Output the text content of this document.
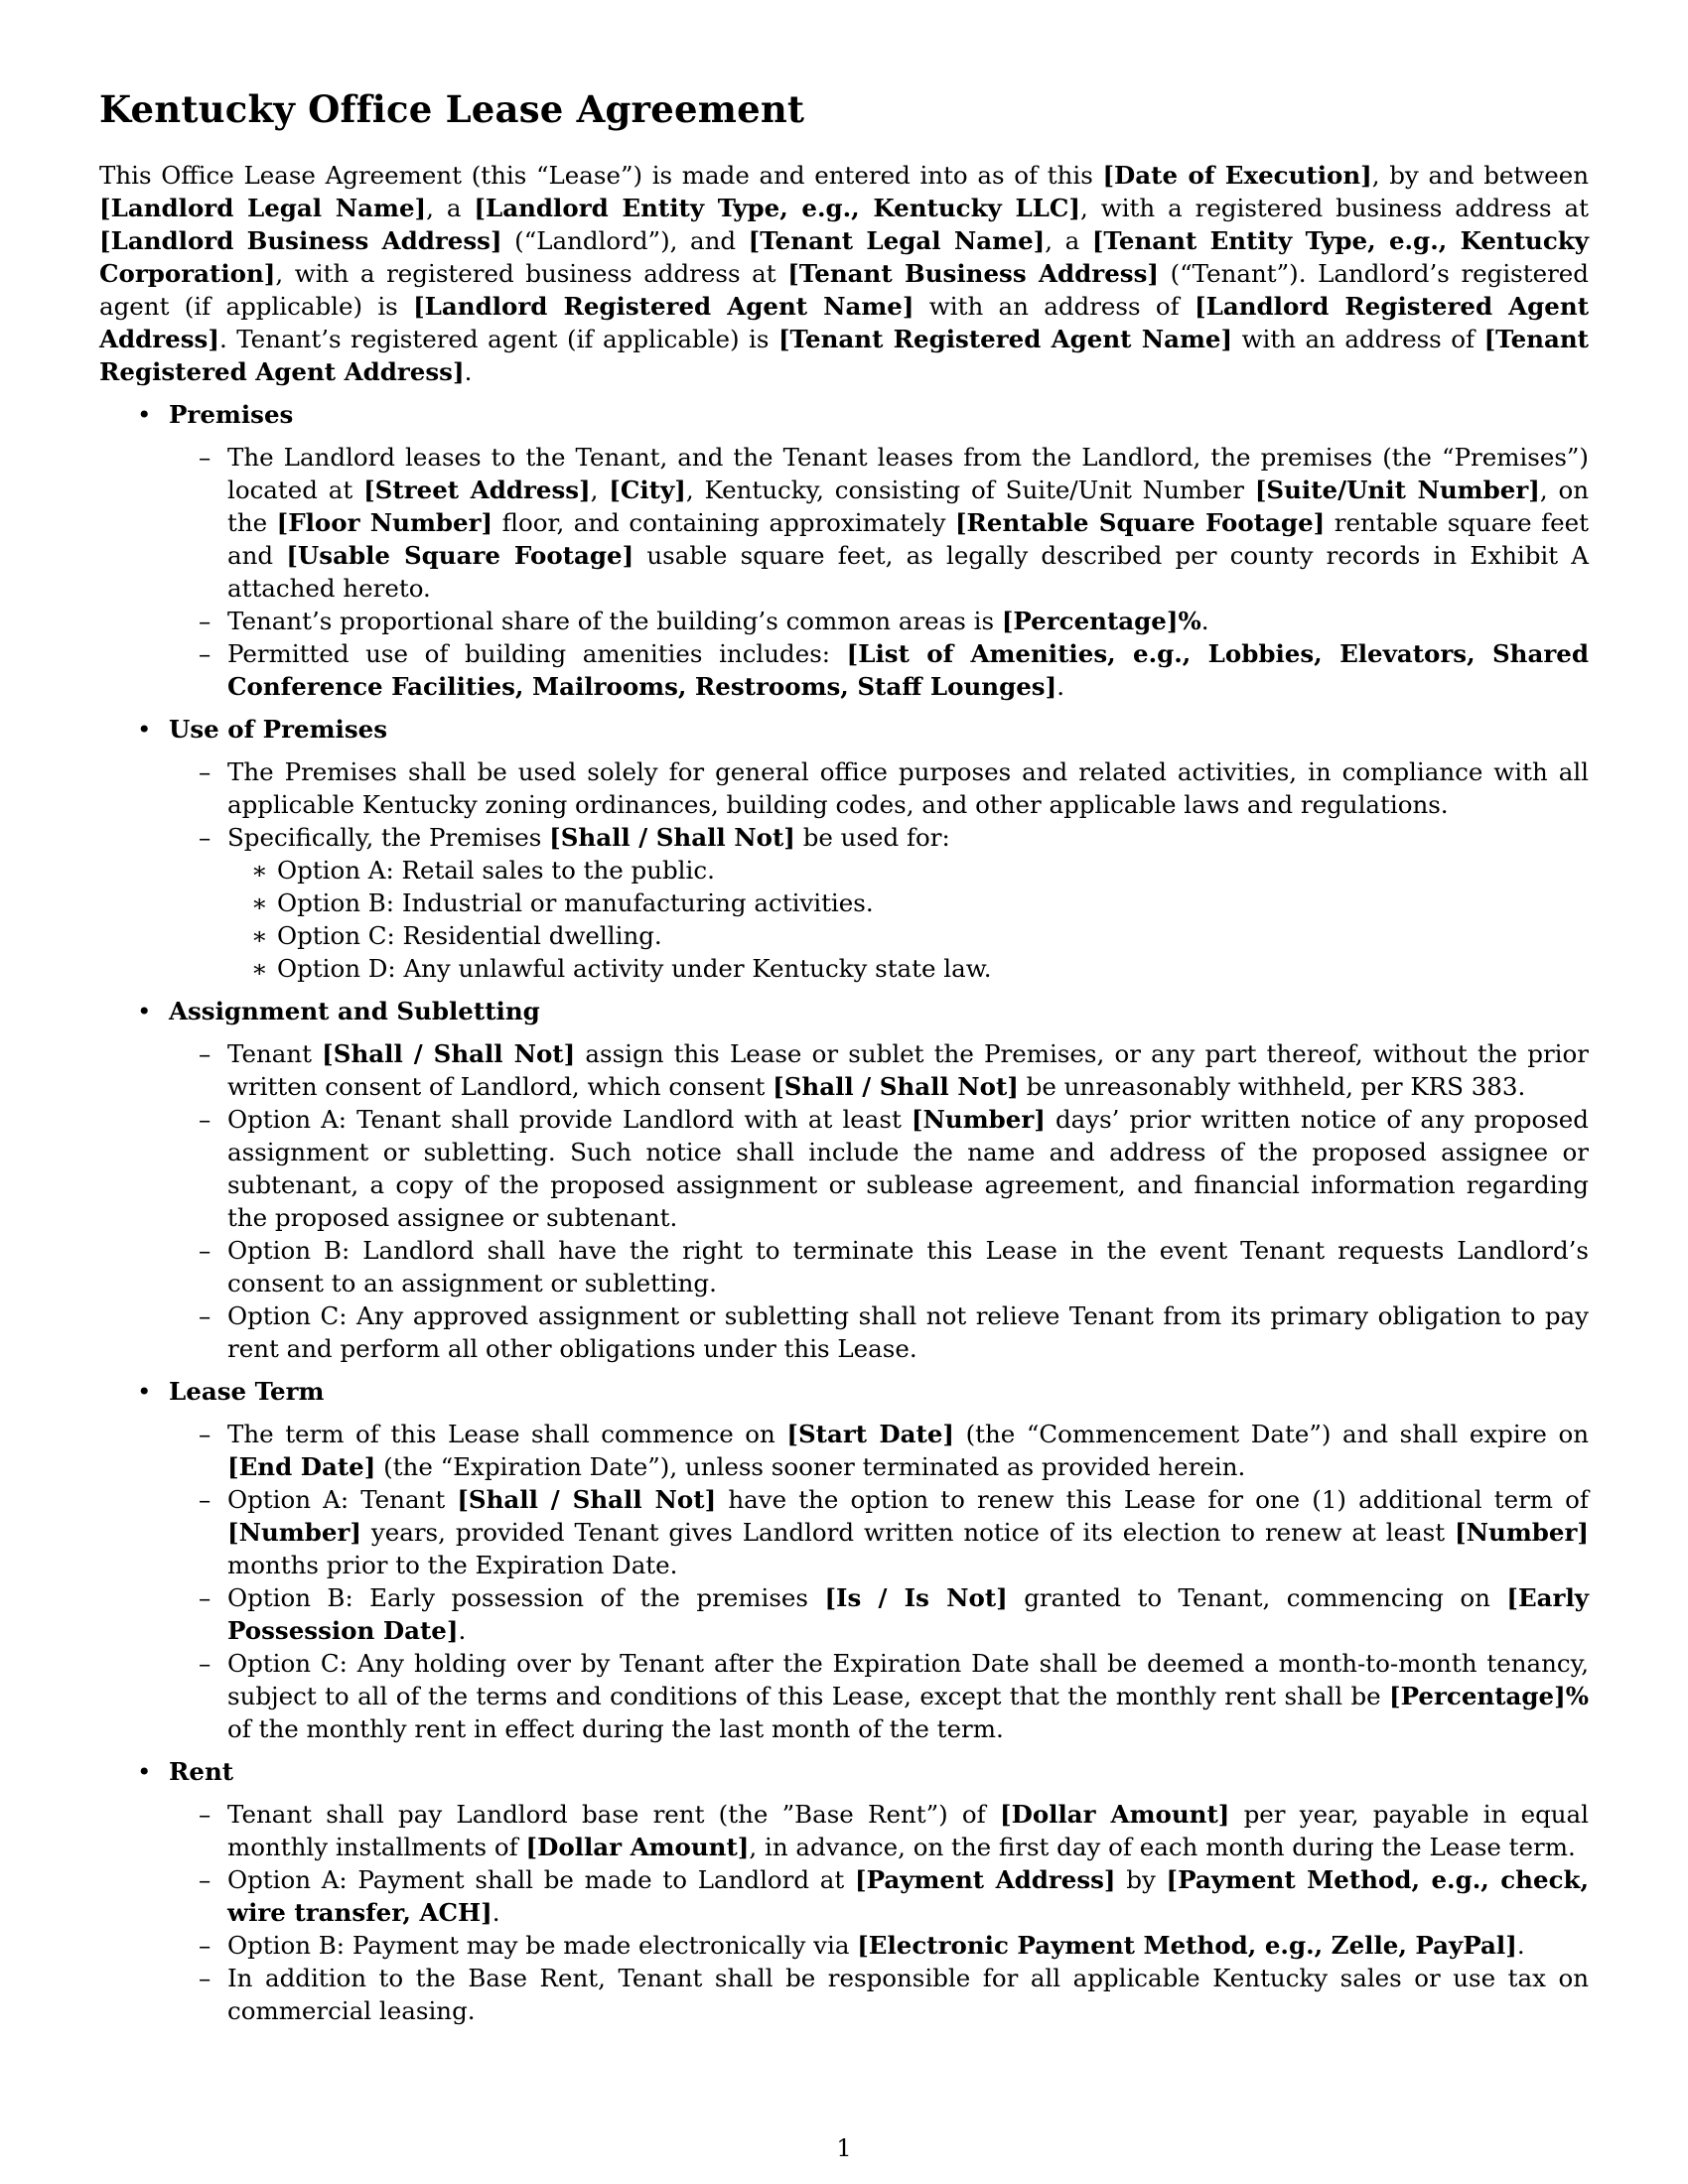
Kentucky Office Lease Agreement

This Office Lease Agreement (this “Lease”) is made and entered into as of this [Date of Execution], by and between [Landlord Legal Name], a [Landlord Entity Type, e.g., Kentucky LLC], with a registered business address at [Landlord Business Address] (“Landlord”), and [Tenant Legal Name], a [Tenant Entity Type, e.g., Kentucky Corporation], with a registered business address at [Tenant Business Address] (“Tenant”). Landlord’s registered agent (if applicable) is [Landlord Registered Agent Name] with an address of [Landlord Registered Agent Address]. Tenant’s registered agent (if applicable) is [Tenant Registered Agent Name] with an address of [Tenant Registered Agent Address].

• Premises
– The Landlord leases to the Tenant, and the Tenant leases from the Landlord, the premises (the “Premises”) located at [Street Address], [City], Kentucky, consisting of Suite/Unit Number [Suite/Unit Number], on the [Floor Number] floor, and containing approximately [Rentable Square Footage] rentable square feet and [Usable Square Footage] usable square feet, as legally described per county records in Exhibit A attached hereto.
– Tenant’s proportional share of the building’s common areas is [Percentage]%.
– Permitted use of building amenities includes: [List of Amenities, e.g., Lobbies, Elevators, Shared Conference Facilities, Mailrooms, Restrooms, Staff Lounges].
• Use of Premises
– The Premises shall be used solely for general office purposes and related activities, in compliance with all applicable Kentucky zoning ordinances, building codes, and other applicable laws and regulations.
– Specifically, the Premises [Shall / Shall Not] be used for:
∗ Option A: Retail sales to the public.
∗ Option B: Industrial or manufacturing activities.
∗ Option C: Residential dwelling.
∗ Option D: Any unlawful activity under Kentucky state law.
• Assignment and Subletting
– Tenant [Shall / Shall Not] assign this Lease or sublet the Premises, or any part thereof, without the prior written consent of Landlord, which consent [Shall / Shall Not] be unreasonably withheld, per KRS 383.
– Option A: Tenant shall provide Landlord with at least [Number] days’ prior written notice of any proposed assignment or subletting. Such notice shall include the name and address of the proposed assignee or subtenant, a copy of the proposed assignment or sublease agreement, and financial information regarding the proposed assignee or subtenant.
– Option B: Landlord shall have the right to terminate this Lease in the event Tenant requests Landlord’s consent to an assignment or subletting.
– Option C: Any approved assignment or subletting shall not relieve Tenant from its primary obligation to pay rent and perform all other obligations under this Lease.
• Lease Term
– The term of this Lease shall commence on [Start Date] (the “Commencement Date”) and shall expire on [End Date] (the “Expiration Date”), unless sooner terminated as provided herein.
– Option A: Tenant [Shall / Shall Not] have the option to renew this Lease for one (1) additional term of [Number] years, provided Tenant gives Landlord written notice of its election to renew at least [Number] months prior to the Expiration Date.
– Option B: Early possession of the premises [Is / Is Not] granted to Tenant, commencing on [Early Possession Date].
– Option C: Any holding over by Tenant after the Expiration Date shall be deemed a month-to-month tenancy, subject to all of the terms and conditions of this Lease, except that the monthly rent shall be [Percentage]% of the monthly rent in effect during the last month of the term.
• Rent
– Tenant shall pay Landlord base rent (the ”Base Rent”) of [Dollar Amount] per year, payable in equal monthly installments of [Dollar Amount], in advance, on the first day of each month during the Lease term.
– Option A: Payment shall be made to Landlord at [Payment Address] by [Payment Method, e.g., check, wire transfer, ACH].
– Option B: Payment may be made electronically via [Electronic Payment Method, e.g., Zelle, PayPal].
– In addition to the Base Rent, Tenant shall be responsible for all applicable Kentucky sales or use tax on commercial leasing.
1
